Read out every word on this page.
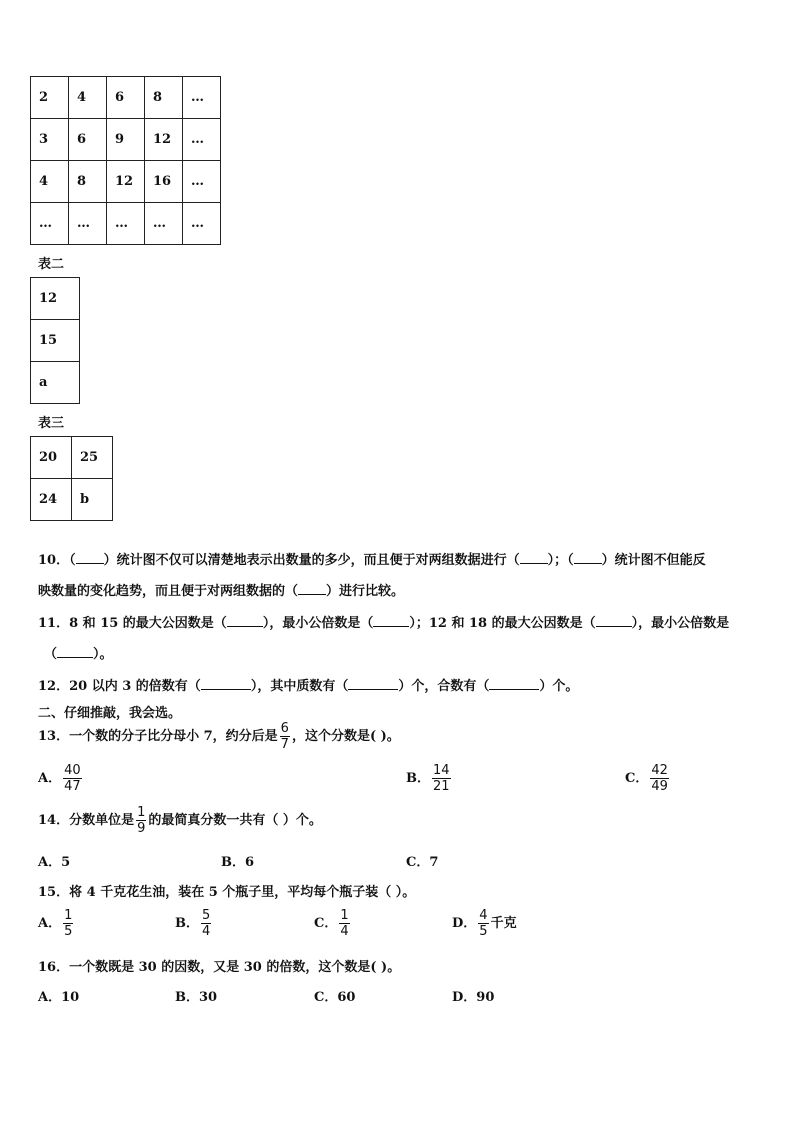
2	4	6	8	…
3	6	9	12	…
4	8	12	16	…
…	…	…	…	…
表二
12
15
a
表三
20	25
24	b
10．（ ）统计图不仅可以清楚地表示出数量的多少，而且便于对两组数据进行（ ）；（ ）统计图不但能反
映数量的变化趋势，而且便于对两组数据的（ ）进行比较。
11．8 和 15 的最大公因数是（	），最小公倍数是（	）；12 和 18 的最大公因数是（	），最小公倍数是
（	）。
12．20 以内 3 的倍数有（	），其中质数有（	）个，合数有（	）个。
二、仔细推敲，我会选。
13．一个数的分子比分母小 7，约分后是 $\frac{6}{7}$ ，这个分数是( )。
A． $\frac{40}{47}$	B． $\frac{14}{21}$	C． $\frac{42}{49}$
14．分数单位是 $\frac{1}{9}$ 的最简真分数一共有（ ）个。
A．5	B．6	C．7
15．将 4 千克花生油，装在 5 个瓶子里，平均每个瓶子装（ ）。
A． $\frac{1}{5}$	B． $\frac{5}{4}$	C． $\frac{1}{4}$	D． $\frac{4}{5}$ 千克
16．一个数既是 30 的因数，又是 30 的倍数，这个数是( )。
A．10	B．30	C．60	D．90
